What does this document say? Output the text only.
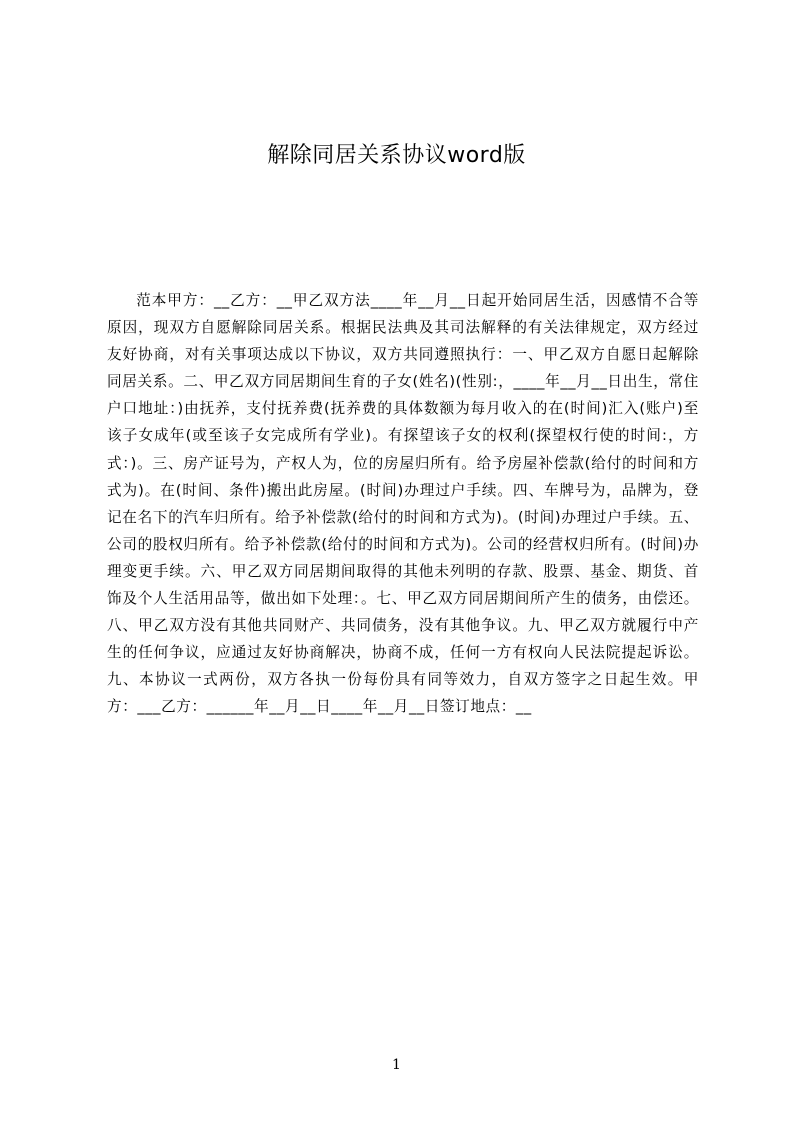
解除同居关系协议word版

范本甲方：__乙方：__甲乙双方法____年__月__日起开始同居生活，因感情不合等原因，现双方自愿解除同居关系。根据民法典及其司法解释的有关法律规定，双方经过友好协商，对有关事项达成以下协议，双方共同遵照执行：一、甲乙双方自愿日起解除同居关系。二、甲乙双方同居期间生育的子女(姓名)(性别:，____年__月__日出生，常住户口地址：)由抚养，支付抚养费(抚养费的具体数额为每月收入的在(时间)汇入(账户)至该子女成年(或至该子女完成所有学业)。有探望该子女的权利(探望权行使的时间:，方式：)。三、房产证号为，产权人为，位的房屋归所有。给予房屋补偿款(给付的时间和方式为)。在(时间、条件)搬出此房屋。(时间)办理过户手续。四、车牌号为，品牌为，登记在名下的汽车归所有。给予补偿款(给付的时间和方式为)。(时间)办理过户手续。五、公司的股权归所有。给予补偿款(给付的时间和方式为)。公司的经营权归所有。(时间)办理变更手续。六、甲乙双方同居期间取得的其他未列明的存款、股票、基金、期货、首饰及个人生活用品等，做出如下处理：。七、甲乙双方同居期间所产生的债务，由偿还。八、甲乙双方没有其他共同财产、共同债务，没有其他争议。九、甲乙双方就履行中产生的任何争议，应通过友好协商解决，协商不成，任何一方有权向人民法院提起诉讼。九、本协议一式两份，双方各执一份每份具有同等效力，自双方签字之日起生效。甲方：___乙方：______年__月__日____年__月__日签订地点：__

1
